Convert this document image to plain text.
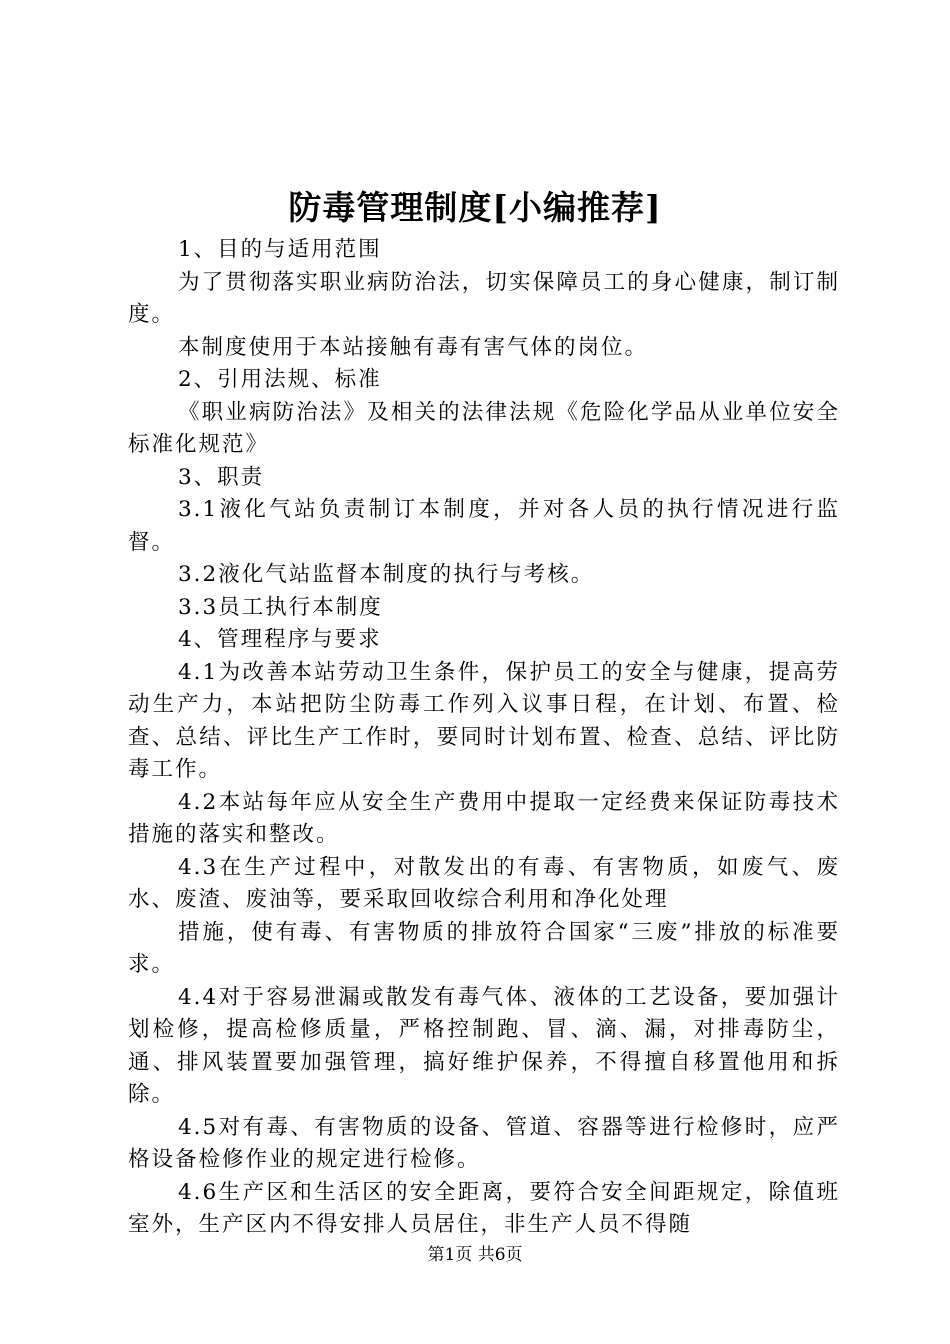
防毒管理制度[小编推荐]

1、目的与适用范围

为了贯彻落实职业病防治法，切实保障员工的身心健康，制订制度。

本制度使用于本站接触有毒有害气体的岗位。

2、引用法规、标准

《职业病防治法》及相关的法律法规《危险化学品从业单位安全标准化规范》

3、职责

3.1液化气站负责制订本制度，并对各人员的执行情况进行监督。

3.2液化气站监督本制度的执行与考核。

3.3员工执行本制度

4、管理程序与要求

4.1为改善本站劳动卫生条件，保护员工的安全与健康，提高劳动生产力，本站把防尘防毒工作列入议事日程，在计划、布置、检查、总结、评比生产工作时，要同时计划布置、检查、总结、评比防毒工作。

4.2本站每年应从安全生产费用中提取一定经费来保证防毒技术措施的落实和整改。

4.3在生产过程中，对散发出的有毒、有害物质，如废气、废水、废渣、废油等，要采取回收综合利用和净化处理

措施，使有毒、有害物质的排放符合国家“三废”排放的标准要求。

4.4对于容易泄漏或散发有毒气体、液体的工艺设备，要加强计划检修，提高检修质量，严格控制跑、冒、滴、漏，对排毒防尘，通、排风装置要加强管理，搞好维护保养，不得擅自移置他用和拆除。

4.5对有毒、有害物质的设备、管道、容器等进行检修时，应严格设备检修作业的规定进行检修。

4.6生产区和生活区的安全距离，要符合安全间距规定，除值班室外，生产区内不得安排人员居住，非生产人员不得随

第1页 共6页
